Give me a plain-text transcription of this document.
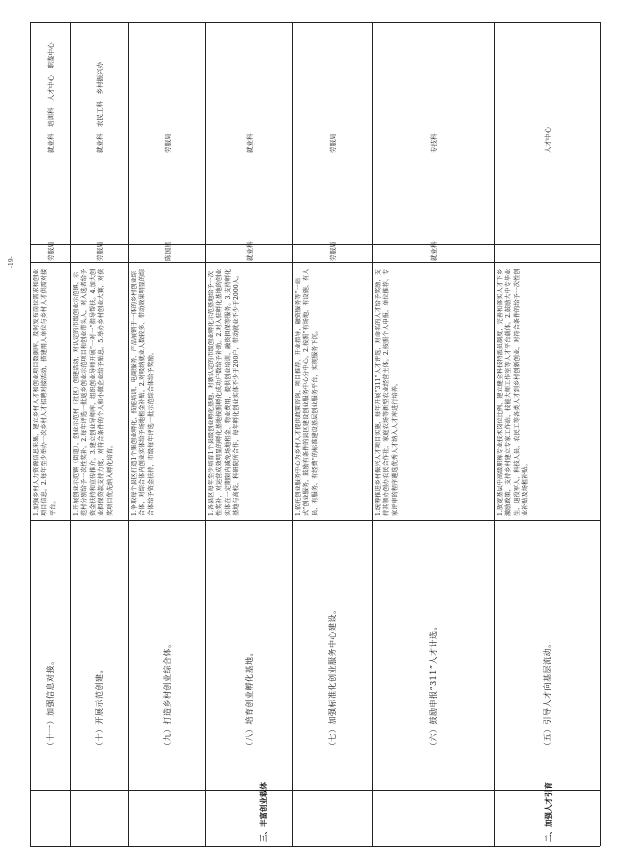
-19-
1.加强乡村人力资源信息采集，建立乡村人才和创业项目数据库，及时发布岗位需求和创业项目信息。2.每年至少举办一次乡村人才招聘对接活动，搭建用人单位与乡村人才供需对接平台。
（十一）加强信息对接。
劳服局
就业科　培训科　人才中心　职鉴中心
1.开展创业示范镇（街道）、创业示范村（社区）创建活动，对认定的市级创业示范镇、示范村分别给予一次性奖补。2.每年评选一批返乡创业示范项目和创业带头人，对入选者给予资金扶持和宣传推介。3.建立创业导师库，组织创业导师开展“一对一”指导帮扶。4.加大创业担保贷款支持力度，对符合条件的个人和小微企业给予贴息。5.举办乡村创业大赛，对获奖项目优先纳入孵化培育。
（十）开展示范创建。
劳服局
就业科　农民工科　乡村振兴办
1.争取每个县区打造1个集创业孵化、技能培训、电商服务、产品展销于一体的乡村创业综合体，对综合体内创业实体给予场地租金补贴。2.对吸纳就业人数较多、带动效果明显的综合体给予资金扶持，市级每年评选一批示范综合体给予奖励。
（九）打造乡村创业综合体。
陈国星
劳服局
1.各县区每年至少培育1个县级创业孵化基地，对新认定的市级创业孵化示范基地给予一次性奖补，对运营成效明显的孵化基地按照孵化成功户数给予补助。2.对入驻孵化基地的创业实体在一定期限内减免场地租金、物业费用，提供创业培训、融资担保等服务。3.支持孵化基地与高校、科研院所合作，每年孵化创业实体不少于200户，带动就业不少于2000人。
（八）培育创业孵化基地。
就业科
就业科
1.依托创业服务中心为乡村人才提供政策咨询、项目推荐、开业指导、融资服务等“一站式”创业服务，鼓励有条件的县区建设创业服务中心分中心。2.按照“有场地、有设施、有人员、有服务、有经费”的标准建设基层创业服务平台，实现服务下沉。
（七）加强标准化创业服务中心建设。
劳服局
劳服局
1.统筹推进乡村振兴人才项目实施，每年开展“311”人才评选，对命名的人才给予奖励，支持其领办创办农民合作社、家庭农场等新型农业经营主体。2.按照个人申报、单位推荐、专家评审的程序遴选优秀人才纳入人才库进行培养。
（六）鼓励申报“311”人才计选。
就业科
专技科
1.放宽基层中高级职称专业技术岗位比例，建立健全科技特派员制度，完善和落实人才下乡激励政策，支持乡村建立专家工作站、技能大师工作室等人才平台载体。2.鼓励大中专毕业生、退役军人、科技人员、农民工等各类人才到乡村创新创业，对符合条件的给予一次性创业补贴及场租补贴。
（五）引导人才向基层流动。
人才中心
二、加强人才引育
三、丰富创业载体
